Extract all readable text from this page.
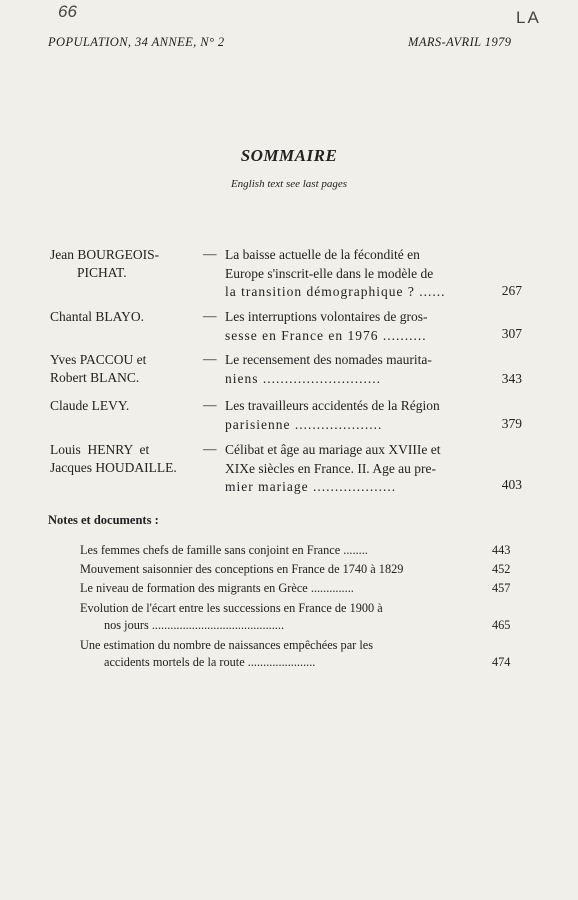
66	LA
POPULATION, 34 ANNEE, N° 2	MARS-AVRIL 1979
SOMMAIRE
English text see last pages
Jean BOURGEOIS-
PICHAT.
— La baisse actuelle de la fécondité en
Europe s'inscrit-elle dans le modèle de
la transition démographique ? ......	267
Chantal BLAYO.	— Les interruptions volontaires de gros-
sesse en France en 1976 ..........	307
Yves PACCOU et
Robert BLANC.
— Le recensement des nomades maurita-
niens ...........................	343
Claude LEVY.	— Les travailleurs accidentés de la Région
parisienne ....................	379
Louis  HENRY  et
Jacques HOUDAILLE.
— Célibat et âge au mariage aux XVIIIe et
XIXe siècles en France. II. Age au pre-
mier mariage ...................	403
Notes et documents :
Les femmes chefs de famille sans conjoint en France ........	443
Mouvement saisonnier des conceptions en France de 1740 à 1829	452
Le niveau de formation des migrants en Grèce ..............	457
Evolution de l'écart entre les successions en France de 1900 à
nos jours ...........................................	465
Une estimation du nombre de naissances empêchées par les
accidents mortels de la route ......................	474
